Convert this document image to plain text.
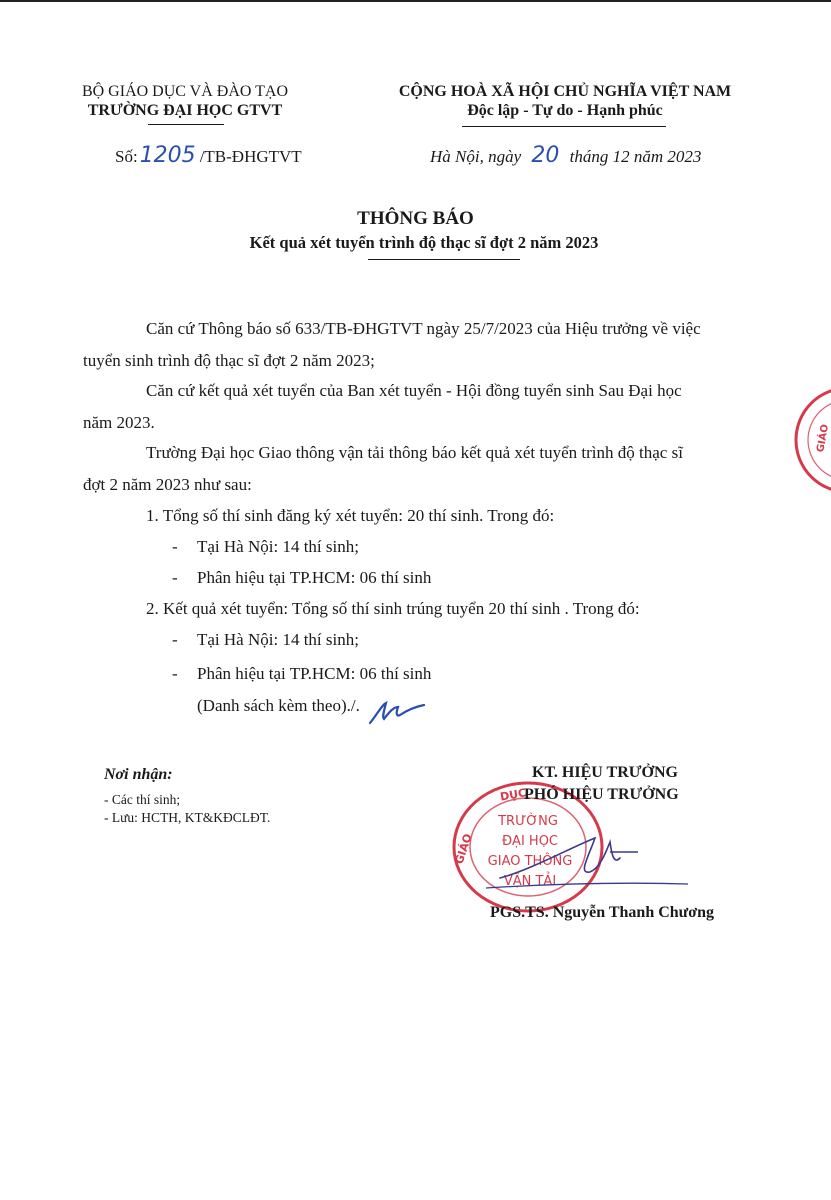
BỘ GIÁO DỤC VÀ ĐÀO TẠO
TRƯỜNG ĐẠI HỌC GTVT
CỘNG HOÀ XÃ HỘI CHỦ NGHĨA VIỆT NAM
Độc lập - Tự do - Hạnh phúc
Số:1205 /TB-ĐHGTVT	Hà Nội, ngày 20 tháng 12 năm 2023
THÔNG BÁO
Kết quả xét tuyển trình độ thạc sĩ đợt 2 năm 2023
Căn cứ Thông báo số 633/TB-ĐHGTVT ngày 25/7/2023 của Hiệu trưởng về việc
tuyển sinh trình độ thạc sĩ đợt 2 năm 2023;
Căn cứ kết quả xét tuyển của Ban xét tuyển - Hội đồng tuyển sinh Sau Đại học
năm 2023.
Trường Đại học Giao thông vận tải thông báo kết quả xét tuyển trình độ thạc sĩ
đợt 2 năm 2023 như sau:
1. Tổng số thí sinh đăng ký xét tuyển: 20 thí sinh. Trong đó:
- Tại Hà Nội: 14 thí sinh;
- Phân hiệu tại TP.HCM: 06 thí sinh
2. Kết quả xét tuyển: Tổng số thí sinh trúng tuyển 20 thí sinh . Trong đó:
- Tại Hà Nội: 14 thí sinh;
- Phân hiệu tại TP.HCM: 06 thí sinh
(Danh sách kèm theo)./.
Nơi nhận:
- Các thí sinh;
- Lưu: HCTH, KT&KĐCLĐT.
GIÁO
DỤC
TRƯỜNG
ĐẠI HỌC
GIAO THÔNG
VẬN TẢI
KT. HIỆU TRƯỞNG
PHÓ HIỆU TRƯỞNG
PGS.TS. Nguyễn Thanh Chương
GIÁO
